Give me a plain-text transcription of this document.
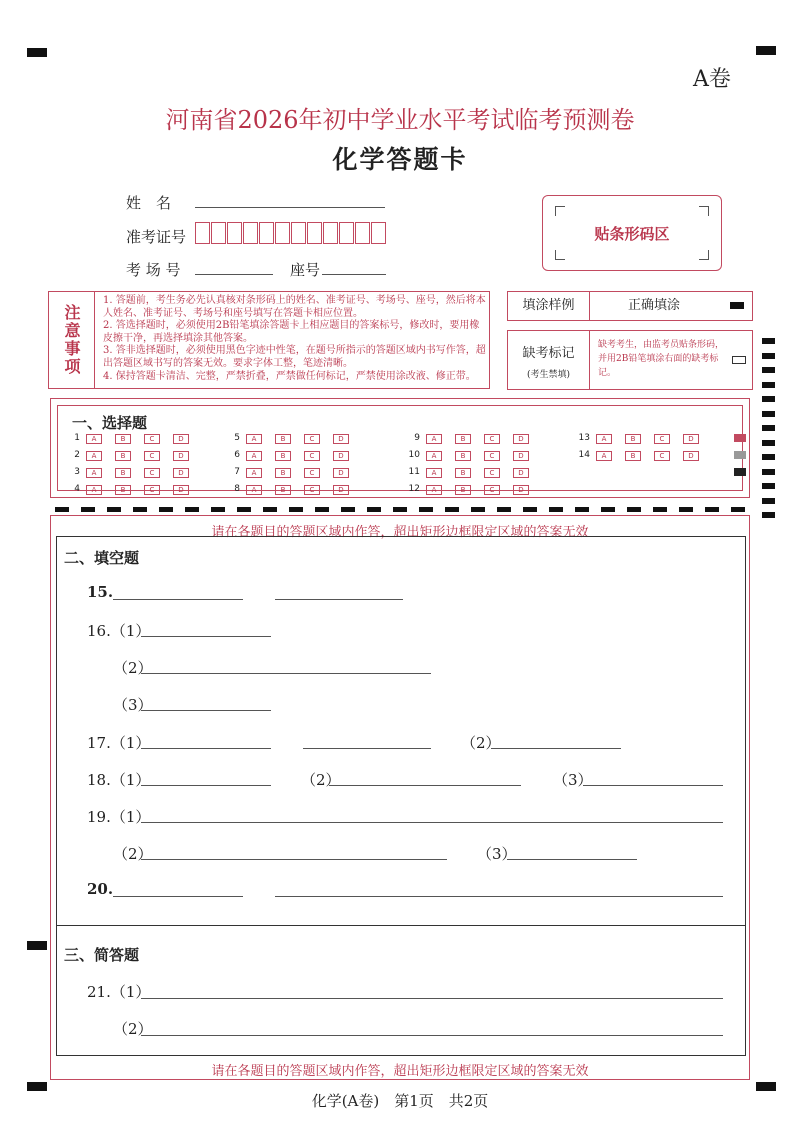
A卷
河南省2026年初中学业水平考试临考预测卷
化学答题卡
姓　名
准考证号
考 场 号	座号
贴条形码区
注意事项
1. 答题前，考生务必先认真核对条形码上的姓名、准考证号、考场号、座号，然后将本人姓名、准考证号、考场号和座号填写在答题卡相应位置。
2. 答选择题时，必须使用2B铅笔填涂答题卡上相应题目的答案标号，修改时，要用橡皮擦干净，再选择填涂其他答案。
3. 答非选择题时，必须使用黑色字迹中性笔，在题号所指示的答题区域内书写作答，超出答题区域书写的答案无效。要求字体工整，笔迹清晰。
4. 保持答题卡清洁、完整，严禁折叠，严禁做任何标记，严禁使用涂改液、修正带。
填涂样例	正确填涂
缺考标记
(考生禁填)
缺考考生，由监考员贴条形码，并用2B铅笔填涂右面的缺考标记。
一、选择题
1	A	B	C	D
2	A	B	C	D
3	A	B	C	D
4	A	B	C	D
5	A	B	C	D
6	A	B	C	D
7	A	B	C	D
8	A	B	C	D
9	A	B	C	D
10	A	B	C	D
11	A	B	C	D
12	A	B	C	D
13	A	B	C	D
14	A	B	C	D
请在各题目的答题区域内作答，超出矩形边框限定区域的答案无效
二、填空题
15.
16.（1）
（2）
（3）
17.（1）	（2）
18.（1）	（2）	（3）
19.（1）
（2）	（3）
20.
三、简答题
21.（1）
（2）
请在各题目的答题区域内作答，超出矩形边框限定区域的答案无效
化学(A卷)　第1页　共2页
